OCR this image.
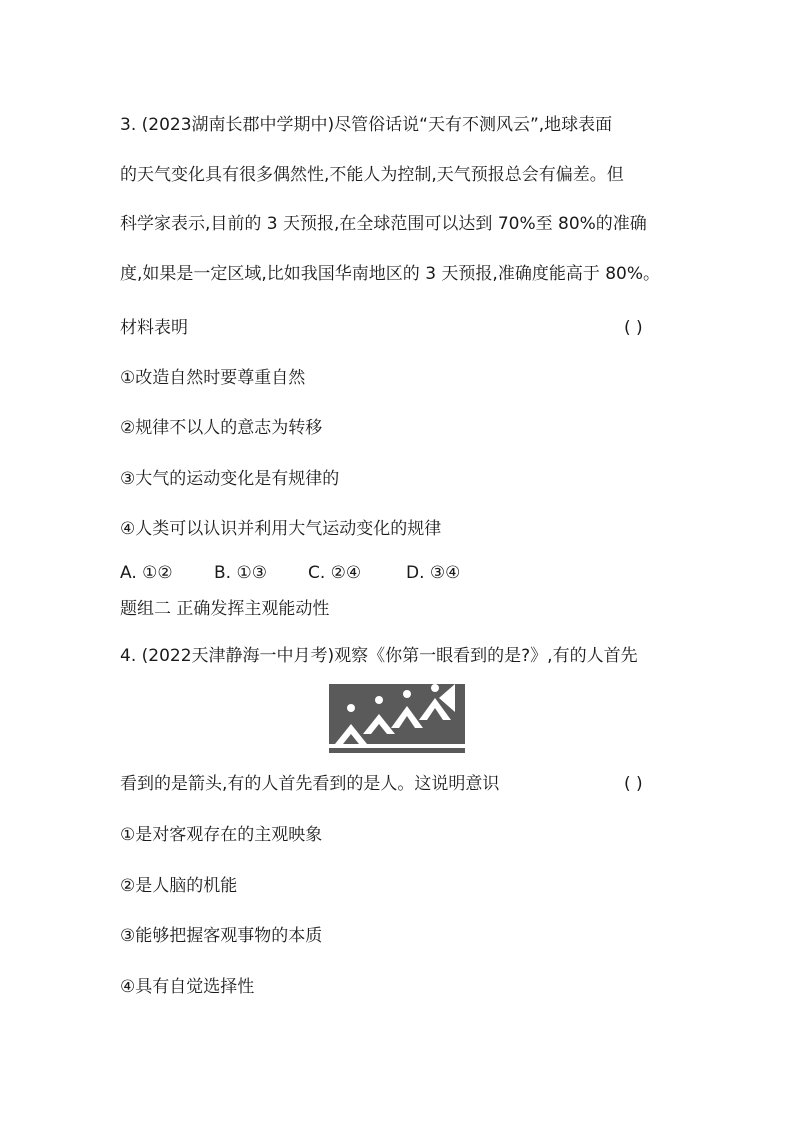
3. (2023湖南长郡中学期中)尽管俗话说“天有不测风云”,地球表面
的天气变化具有很多偶然性,不能人为控制,天气预报总会有偏差。但
科学家表示,目前的 3 天预报,在全球范围可以达到 70%至 80%的准确
度,如果是一定区域,比如我国华南地区的 3 天预报,准确度能高于 80%。
材料表明	( )
①改造自然时要尊重自然
②规律不以人的意志为转移
③大气的运动变化是有规律的
④人类可以认识并利用大气运动变化的规律
A. ①② B. ①③ C. ②④	D. ③④
题组二 正确发挥主观能动性
4. (2022天津静海一中月考)观察《你第一眼看到的是?》,有的人首先
看到的是箭头,有的人首先看到的是人。这说明意识	( )
①是对客观存在的主观映象
②是人脑的机能
③能够把握客观事物的本质
④具有自觉选择性
